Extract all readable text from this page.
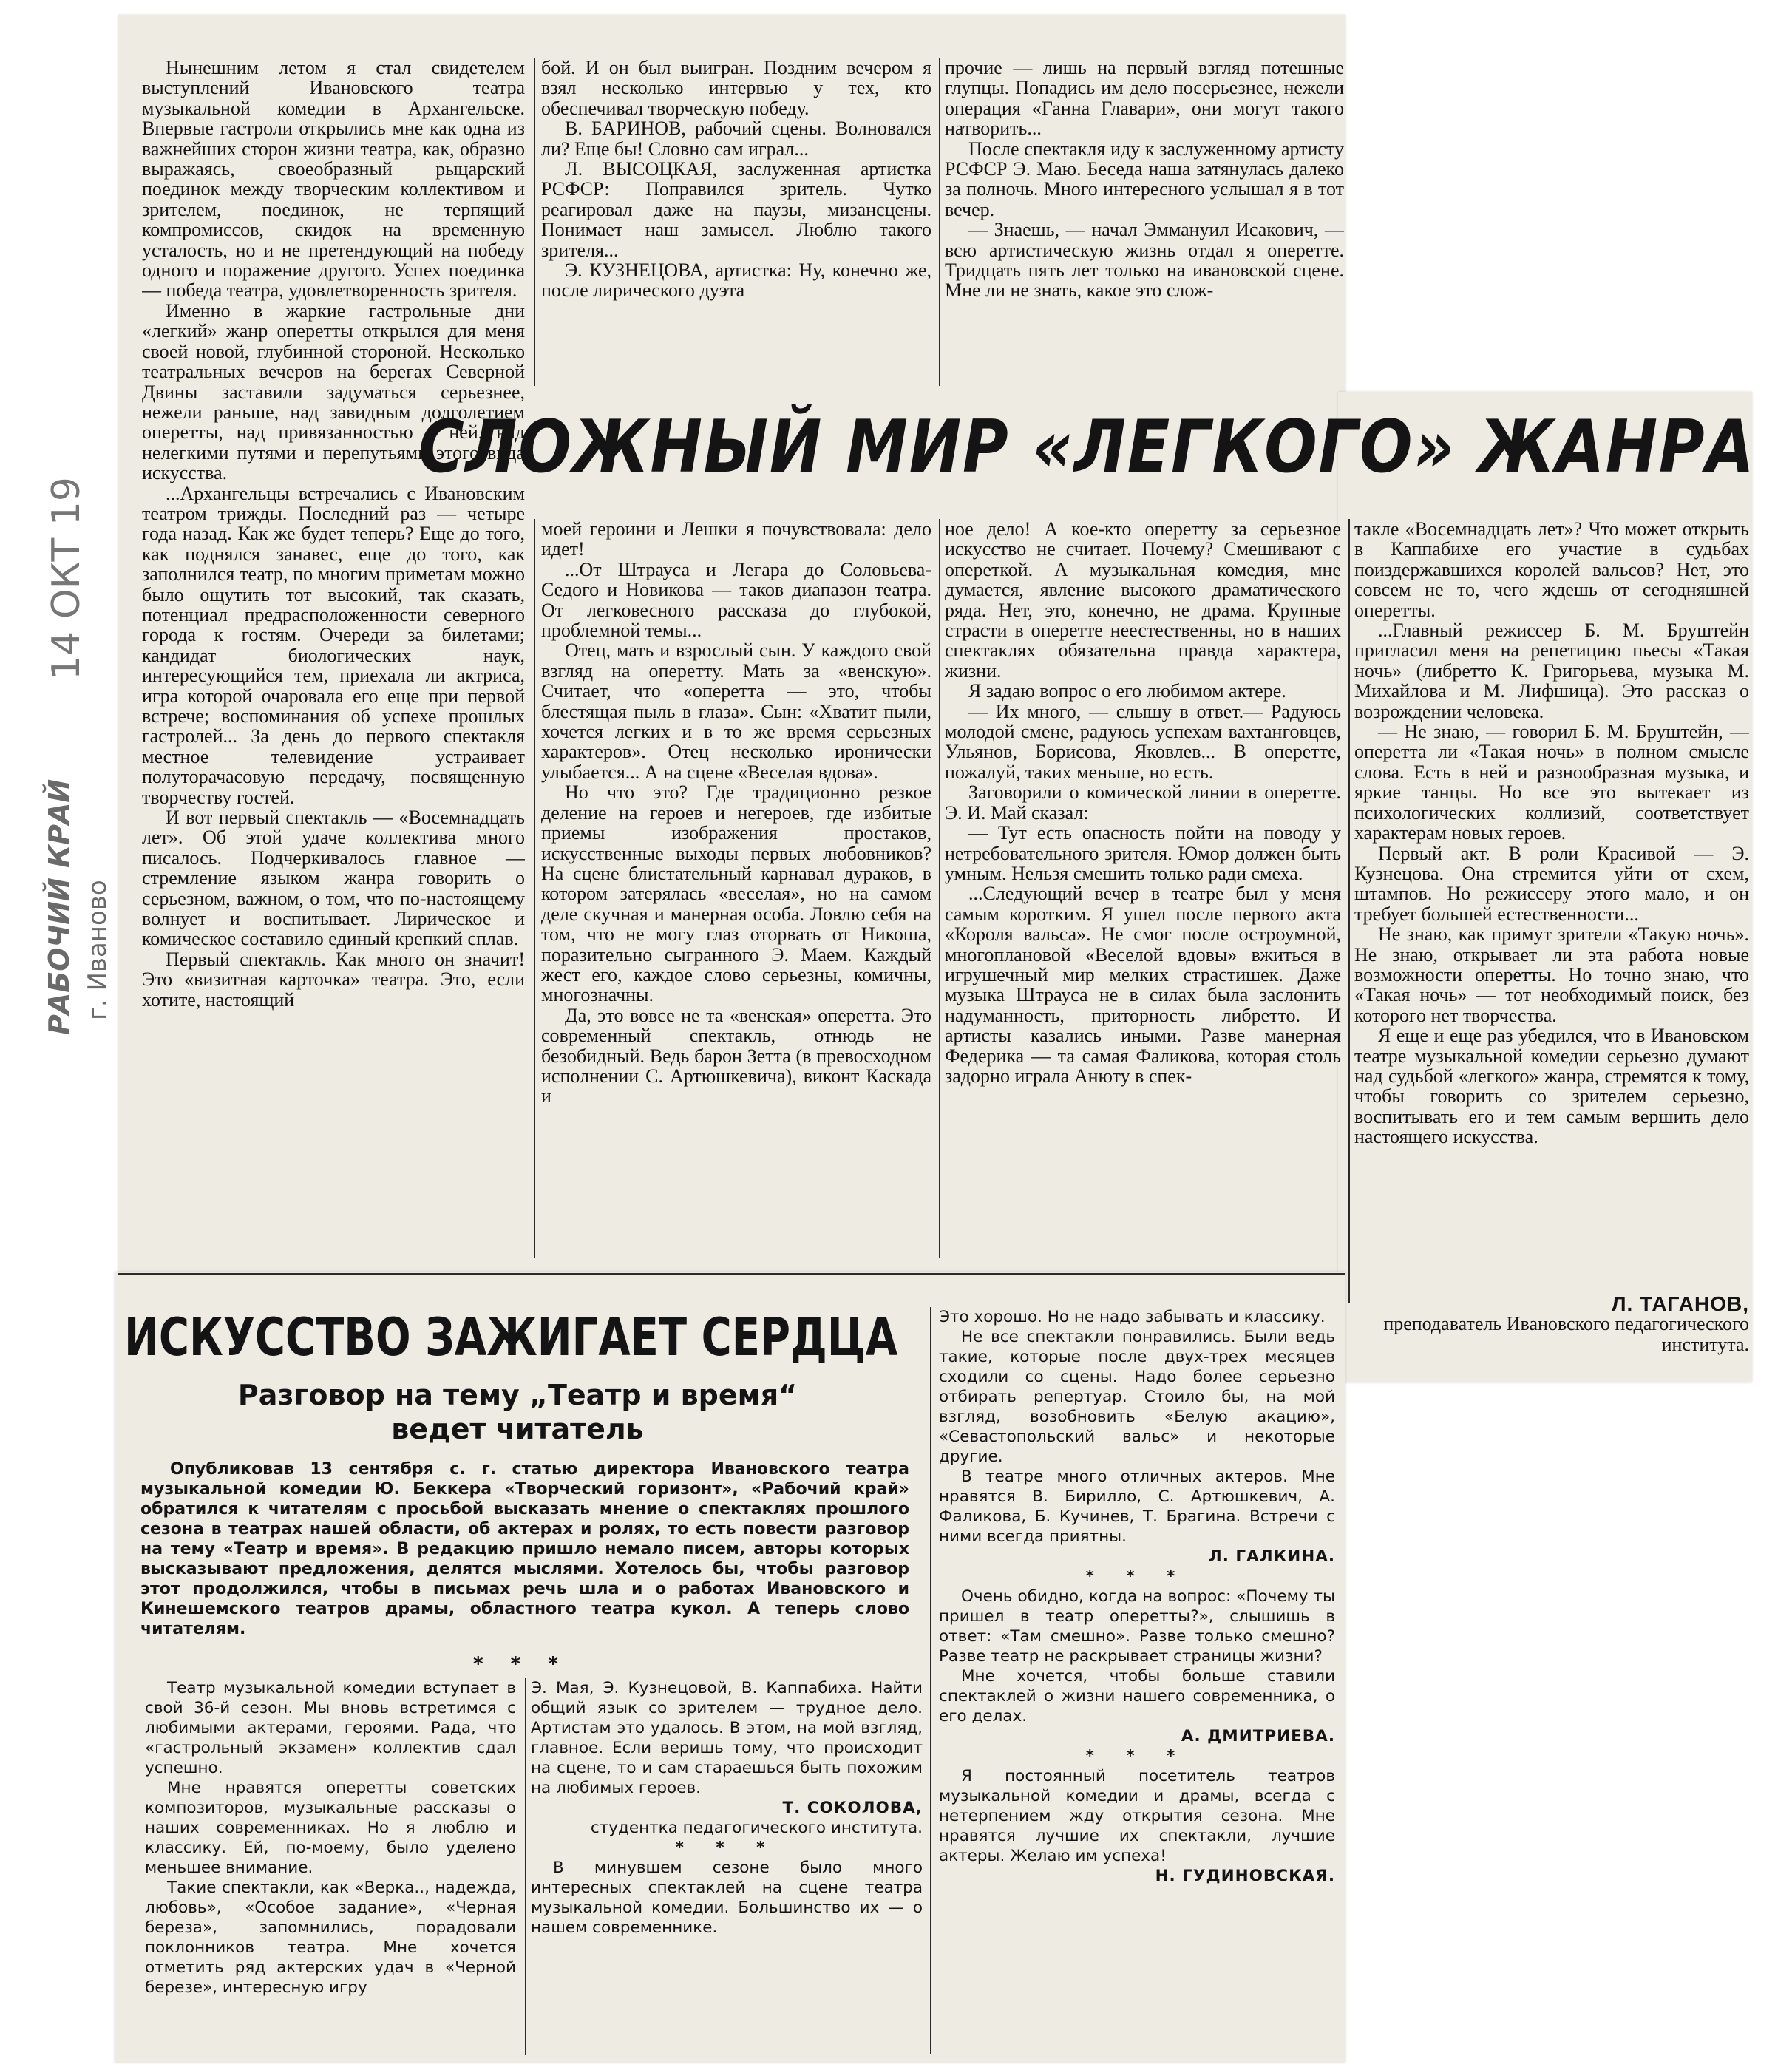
РАБОЧИЙ КРАЙ г. Иваново
14 ОКТ 19

Нынешним летом я стал свидетелем выступлений Ивановского театра музыкальной комедии в Архангельске. Впервые гастроли открылись мне как одна из важнейших сторон жизни театра, как, образно выражаясь, своеобразный рыцарский поединок между творческим коллективом и зрителем, поединок, не терпящий компромиссов, скидок на временную усталость, но и не претендующий на победу одного и поражение другого. Успех поединка — победа театра, удовлетворенность зрителя.

Именно в жаркие гастрольные дни «легкий» жанр оперетты открылся для меня своей новой, глубинной стороной. Несколько театральных вечеров на берегах Северной Двины заставили задуматься серьезнее, нежели раньше, над завидным долголетием оперетты, над привязанностью к ней, над нелегкими путями и перепутьями этого вида искусства.

...Архангельцы встречались с Ивановским театром трижды. Последний раз — четыре года назад. Как же будет теперь? Еще до того, как поднялся занавес, еще до того, как заполнился театр, по многим приметам можно было ощутить тот высокий, так сказать, потенциал предрасположенности северного города к гостям. Очереди за билетами; кандидат биологических наук, интересующийся тем, приехала ли актриса, игра которой очаровала его еще при первой встрече; воспоминания об успехе прошлых гастролей... За день до первого спектакля местное телевидение устраивает полуторачасовую передачу, посвященную творчеству гостей.

И вот первый спектакль — «Восемнадцать лет». Об этой удаче коллектива много писалось. Подчеркивалось главное — стремление языком жанра говорить о серьезном, важном, о том, что по-настоящему волнует и воспитывает. Лирическое и комическое составило единый крепкий сплав.

Первый спектакль. Как много он значит! Это «визитная карточка» театра. Это, если хотите, настоящий

бой. И он был выигран. Поздним вечером я взял несколько интервью у тех, кто обеспечивал творческую победу.

В. БАРИНОВ, рабочий сцены. Волновался ли? Еще бы! Словно сам играл...

Л. ВЫСОЦКАЯ, заслуженная артистка РСФСР: Поправился зритель. Чутко реагировал даже на паузы, мизансцены. Понимает наш замысел. Люблю такого зрителя...

Э. КУЗНЕЦОВА, артистка: Ну, конечно же, после лирического дуэта

прочие — лишь на первый взгляд потешные глупцы. Попадись им дело посерьезнее, нежели операция «Ганна Главари», они могут такого натворить...

После спектакля иду к заслуженному артисту РСФСР Э. Маю. Беседа наша затянулась далеко за полночь. Много интересного услышал я в тот вечер.

— Знаешь, — начал Эммануил Исакович, — всю артистическую жизнь отдал я оперетте. Тридцать пять лет только на ивановской сцене. Мне ли не знать, какое это слож-

СЛОЖНЫЙ МИР «ЛЕГКОГО» ЖАНРА

моей героини и Лешки я почувствовала: дело идет!

...От Штрауса и Легара до Соловьева-Седого и Новикова — таков диапазон театра. От легковесного рассказа до глубокой, проблемной темы...

Отец, мать и взрослый сын. У каждого свой взгляд на оперетту. Мать за «венскую». Считает, что «оперетта — это, чтобы блестящая пыль в глаза». Сын: «Хватит пыли, хочется легких и в то же время серьезных характеров». Отец несколько иронически улыбается... А на сцене «Веселая вдова».

Но что это? Где традиционно резкое деление на героев и негероев, где избитые приемы изображения простаков, искусственные выходы первых любовников? На сцене блистательный карнавал дураков, в котором затерялась «веселая», но на самом деле скучная и манерная особа. Ловлю себя на том, что не могу глаз оторвать от Никоша, поразительно сыгранного Э. Маем. Каждый жест его, каждое слово серьезны, комичны, многозначны.

Да, это вовсе не та «венская» оперетта. Это современный спектакль, отнюдь не безобидный. Ведь барон Зетта (в превосходном исполнении С. Артюшкевича), виконт Каскада и

ное дело! А кое-кто оперетту за серьезное искусство не считает. Почему? Смешивают с опереткой. А музыкальная комедия, мне думается, явление высокого драматического ряда. Нет, это, конечно, не драма. Крупные страсти в оперетте неестественны, но в наших спектаклях обязательна правда характера, жизни.

Я задаю вопрос о его любимом актере.

— Их много, — слышу в ответ.— Радуюсь молодой смене, радуюсь успехам вахтанговцев, Ульянов, Борисова, Яковлев... В оперетте, пожалуй, таких меньше, но есть.

Заговорили о комической линии в оперетте. Э. И. Май сказал:

— Тут есть опасность пойти на поводу у нетребовательного зрителя. Юмор должен быть умным. Нельзя смешить только ради смеха.

...Следующий вечер в театре был у меня самым коротким. Я ушел после первого акта «Короля вальса». Не смог после остроумной, многоплановой «Веселой вдовы» вжиться в игрушечный мир мелких страстишек. Даже музыка Штрауса не в силах была заслонить надуманность, приторность либретто. И артисты казались иными. Разве манерная Федерика — та самая Фаликова, которая столь задорно играла Анюту в спек-

такле «Восемнадцать лет»? Что может открыть в Каппабихе его участие в судьбах поиздержавшихся королей вальсов? Нет, это совсем не то, чего ждешь от сегодняшней оперетты.

...Главный режиссер Б. М. Бруштейн пригласил меня на репетицию пьесы «Такая ночь» (либретто К. Григорьева, музыка М. Михайлова и М. Лифшица). Это рассказ о возрождении человека.

— Не знаю, — говорил Б. М. Бруштейн, — оперетта ли «Такая ночь» в полном смысле слова. Есть в ней и разнообразная музыка, и яркие танцы. Но все это вытекает из психологических коллизий, соответствует характерам новых героев.

Первый акт. В роли Красивой — Э. Кузнецова. Она стремится уйти от схем, штампов. Но режиссеру этого мало, и он требует большей естественности...

Не знаю, как примут зрители «Такую ночь». Не знаю, открывает ли эта работа новые возможности оперетты. Но точно знаю, что «Такая ночь» — тот необходимый поиск, без которого нет творчества.

Я еще и еще раз убедился, что в Ивановском театре музыкальной комедии серьезно думают над судьбой «легкого» жанра, стремятся к тому, чтобы говорить со зрителем серьезно, воспитывать его и тем самым вершить дело настоящего искусства.

Л. ТАГАНОВ,

преподаватель Ивановского педагогического института.

ИСКУССТВО ЗАЖИГАЕТ СЕРДЦА
Разговор на тему „Театр и время“
ведет читатель

Опубликовав 13 сентября с. г. статью директора Ивановского театра музыкальной комедии Ю. Беккера «Творческий горизонт», «Рабочий край» обратился к читателям с просьбой высказать мнение о спектаклях прошлого сезона в театрах нашей области, об актерах и ролях, то есть повести разговор на тему «Театр и время». В редакцию пришло немало писем, авторы которых высказывают предложения, делятся мыслями. Хотелось бы, чтобы разговор этот продолжился, чтобы в письмах речь шла и о работах Ивановского и Кинешемского театров драмы, областного театра кукол. А теперь слово читателям.

* * *

Театр музыкальной комедии вступает в свой 36-й сезон. Мы вновь встретимся с любимыми актерами, героями. Рада, что «гастрольный экзамен» коллектив сдал успешно.

Мне нравятся оперетты советских композиторов, музыкальные рассказы о наших современниках. Но я люблю и классику. Ей, по-моему, было уделено меньшее внимание.

Такие спектакли, как «Верка.., надежда, любовь», «Особое задание», «Черная береза», запомнились, порадовали поклонников театра. Мне хочется отметить ряд актерских удач в «Черной березе», интересную игру

Э. Мая, Э. Кузнецовой, В. Каппабиха. Найти общий язык со зрителем — трудное дело. Артистам это удалось. В этом, на мой взгляд, главное. Если веришь тому, что происходит на сцене, то и сам стараешься быть похожим на любимых героев.

Т. СОКОЛОВА,

студентка педагогического института.

* * *

В минувшем сезоне было много интересных спектаклей на сцене театра музыкальной комедии. Большинство их — о нашем современнике.

Это хорошо. Но не надо забывать и классику.

Не все спектакли понравились. Были ведь такие, которые после двух-трех месяцев сходили со сцены. Надо более серьезно отбирать репертуар. Стоило бы, на мой взгляд, возобновить «Белую акацию», «Севастопольский вальс» и некоторые другие.

В театре много отличных актеров. Мне нравятся В. Бирилло, С. Артюшкевич, А. Фаликова, Б. Кучинев, Т. Брагина. Встречи с ними всегда приятны.

Л. ГАЛКИНА.

* * *

Очень обидно, когда на вопрос: «Почему ты пришел в театр оперетты?», слышишь в ответ: «Там смешно». Разве только смешно? Разве театр не раскрывает страницы жизни?

Мне хочется, чтобы больше ставили спектаклей о жизни нашего современника, о его делах.

А. ДМИТРИЕВА.

* * *

Я постоянный посетитель театров музыкальной комедии и драмы, всегда с нетерпением жду открытия сезона. Мне нравятся лучшие их спектакли, лучшие актеры. Желаю им успеха!

Н. ГУДИНОВСКАЯ.
